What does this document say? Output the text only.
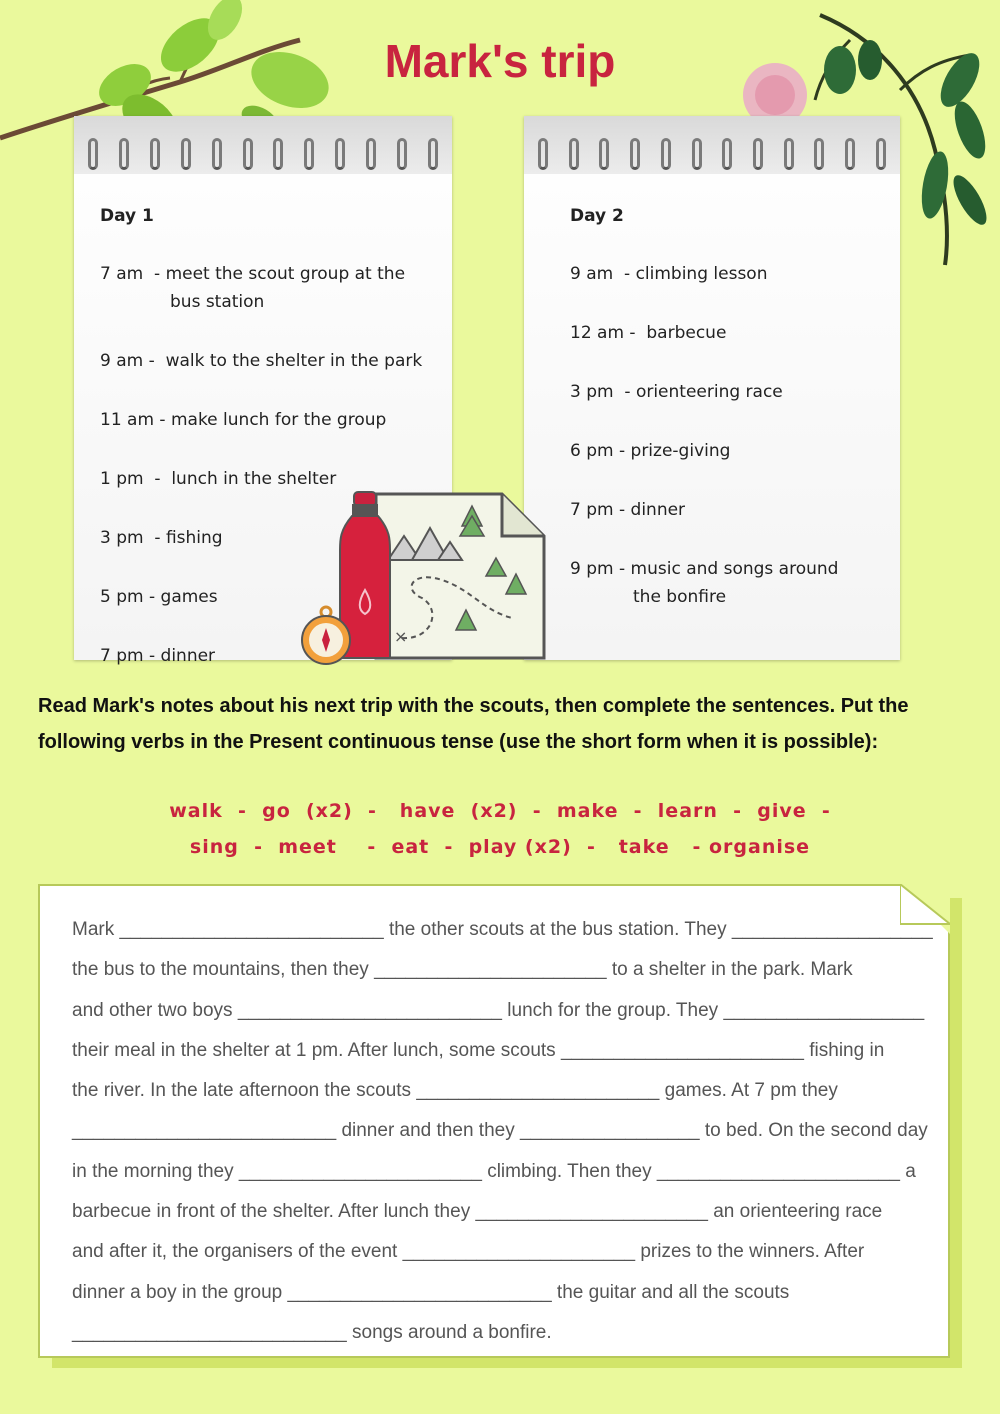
Mark's trip
Day 1
7 am  - meet the scout group at the
bus station
9 am -  walk to the shelter in the park
11 am - make lunch for the group
1 pm  -  lunch in the shelter
3 pm  - fishing
5 pm - games
7 pm - dinner
Day 2
9 am  - climbing lesson
12 am -  barbecue
3 pm  - orienteering race
6 pm - prize-giving
7 pm - dinner
9 pm - music and songs around
the bonfire
×
Read Mark's notes about his next trip with the scouts, then complete the sentences. Put the following verbs in the Present continuous tense (use the short form when it is possible):
walk  -  go  (x2)  -   have  (x2)  -  make  -  learn  -  give  -
sing  -  meet    -  eat  -  play (x2)  -   take   - organise
Mark _________________________ the other scouts at the bus station. They ___________________
the bus to the mountains, then they ______________________ to a shelter in the park. Mark
and other two boys _________________________ lunch for the group. They ___________________
their meal in the shelter at 1 pm. After lunch, some scouts _______________________ fishing in
the river. In the late afternoon the scouts _______________________ games. At 7 pm they
_________________________ dinner and then they _________________ to bed. On the second day
in the morning they _______________________ climbing. Then they _______________________ a
barbecue in front of the shelter. After lunch they ______________________ an orienteering race
and after it, the organisers of the event ______________________ prizes to the winners. After
dinner a boy in the group _________________________ the guitar and all the scouts
__________________________ songs around a bonfire.
